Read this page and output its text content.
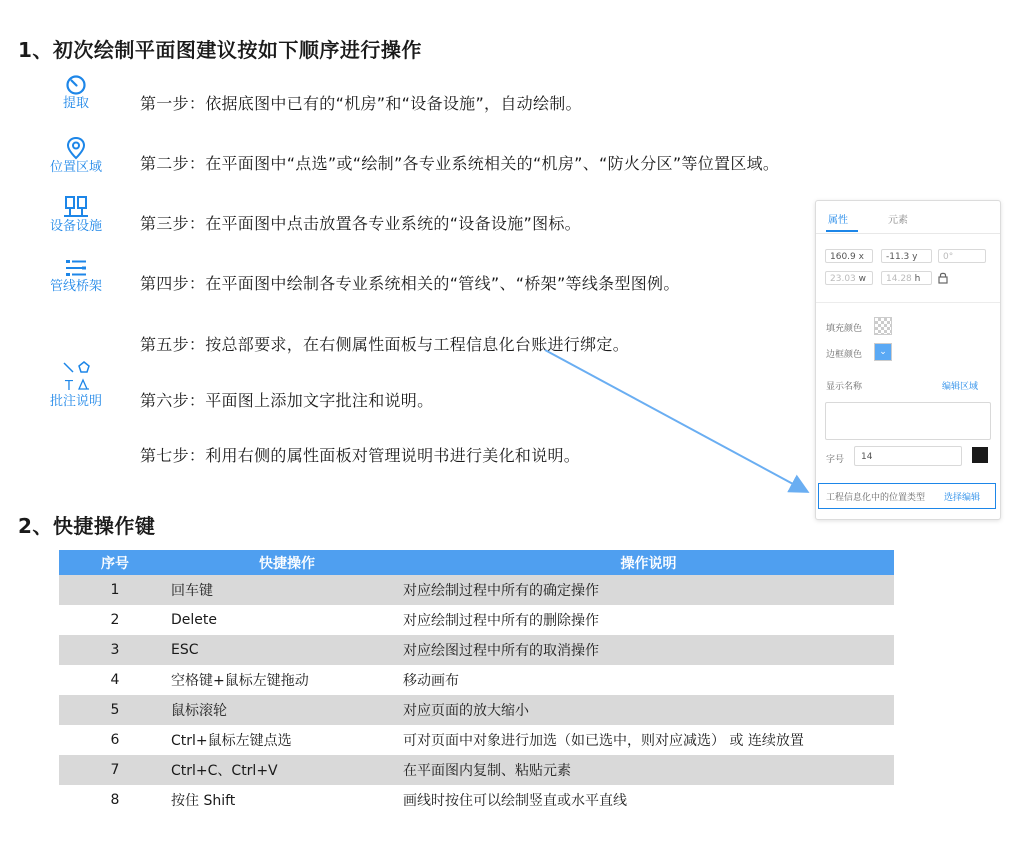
1、初次绘制平面图建议按如下顺序进行操作
提取
位置区域
设备设施
管线桥架
T
批注说明
第一步：依据底图中已有的“机房”和“设备设施”，自动绘制。
第二步：在平面图中“点选”或“绘制”各专业系统相关的“机房”、“防火分区”等位置区域。
第三步：在平面图中点击放置各专业系统的“设备设施”图标。
第四步：在平面图中绘制各专业系统相关的“管线”、“桥架”等线条型图例。
第五步：按总部要求，在右侧属性面板与工程信息化台账进行绑定。
第六步：平面图上添加文字批注和说明。
第七步：利用右侧的属性面板对管理说明书进行美化和说明。
属性	元素
160.9 x	-11.3 y	0°
23.03 w	14.28 h
填充颜色
边框颜色	⌄
显示名称	编辑区域
字号	14
工程信息化中的位置类型 选择编辑
2、快捷操作键
序号	快捷操作	操作说明
1	回车键	对应绘制过程中所有的确定操作
2	Delete	对应绘制过程中所有的删除操作
3	ESC	对应绘图过程中所有的取消操作
4	空格键+鼠标左键拖动	移动画布
5	鼠标滚轮	对应页面的放大缩小
6	Ctrl+鼠标左键点选	可对页面中对象进行加选（如已选中，则对应减选） 或 连续放置
7	Ctrl+C、Ctrl+V	在平面图内复制、粘贴元素
8	按住 Shift	画线时按住可以绘制竖直或水平直线
